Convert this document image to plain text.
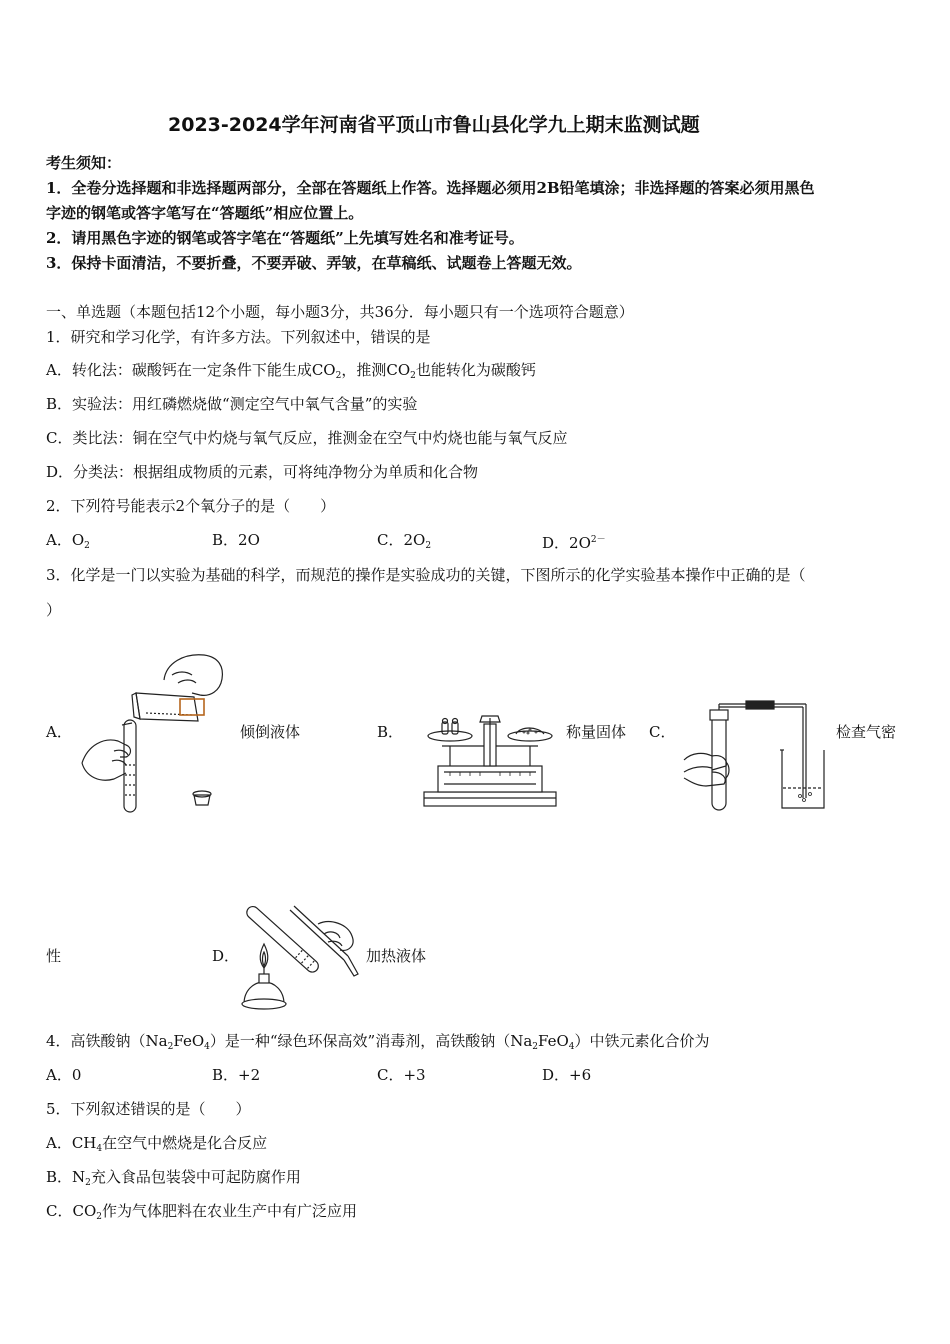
2023-2024学年河南省平顶山市鲁山县化学九上期末监测试题
考生须知：
1．全卷分选择题和非选择题两部分，全部在答题纸上作答。选择题必须用2B铅笔填涂；非选择题的答案必须用黑色
字迹的钢笔或答字笔写在“答题纸”相应位置上。
2．请用黑色字迹的钢笔或答字笔在“答题纸”上先填写姓名和准考证号。
3．保持卡面清洁，不要折叠，不要弄破、弄皱，在草稿纸、试题卷上答题无效。
一、单选题（本题包括12个小题，每小题3分，共36分．每小题只有一个选项符合题意）
1．研究和学习化学，有许多方法。下列叙述中，错误的是
A．转化法：碳酸钙在一定条件下能生成$CO_2$，推测$CO_2$也能转化为碳酸钙
B．实验法：用红磷燃烧做“测定空气中氧气含量”的实验
C．类比法：铜在空气中灼烧与氧气反应，推测金在空气中灼烧也能与氧气反应
D．分类法：根据组成物质的元素，可将纯净物分为单质和化合物
2．下列符号能表示2个氧分子的是（　　）
A．$O_2$	B．2O	C．$2O_2$	D．$2O^{2-}$
3．化学是一门以实验为基础的科学，而规范的操作是实验成功的关键，下图所示的化学实验基本操作中正确的是（
）
A．	倾倒液体	B．	称量固体 C．	检查气密
性	D．	加热液体
4．高铁酸钠$(Na_2FeO_4)$是一种“绿色环保高效”消毒剂，高铁酸钠$(Na_2FeO_4)$中铁元素化合价为
A．0	B．+2	C．+3	D．+6
5．下列叙述错误的是（　　）
A．$CH_4$在空气中燃烧是化合反应
B．$N_2$充入食品包装袋中可起防腐作用
C．$CO_2$作为气体肥料在农业生产中有广泛应用
